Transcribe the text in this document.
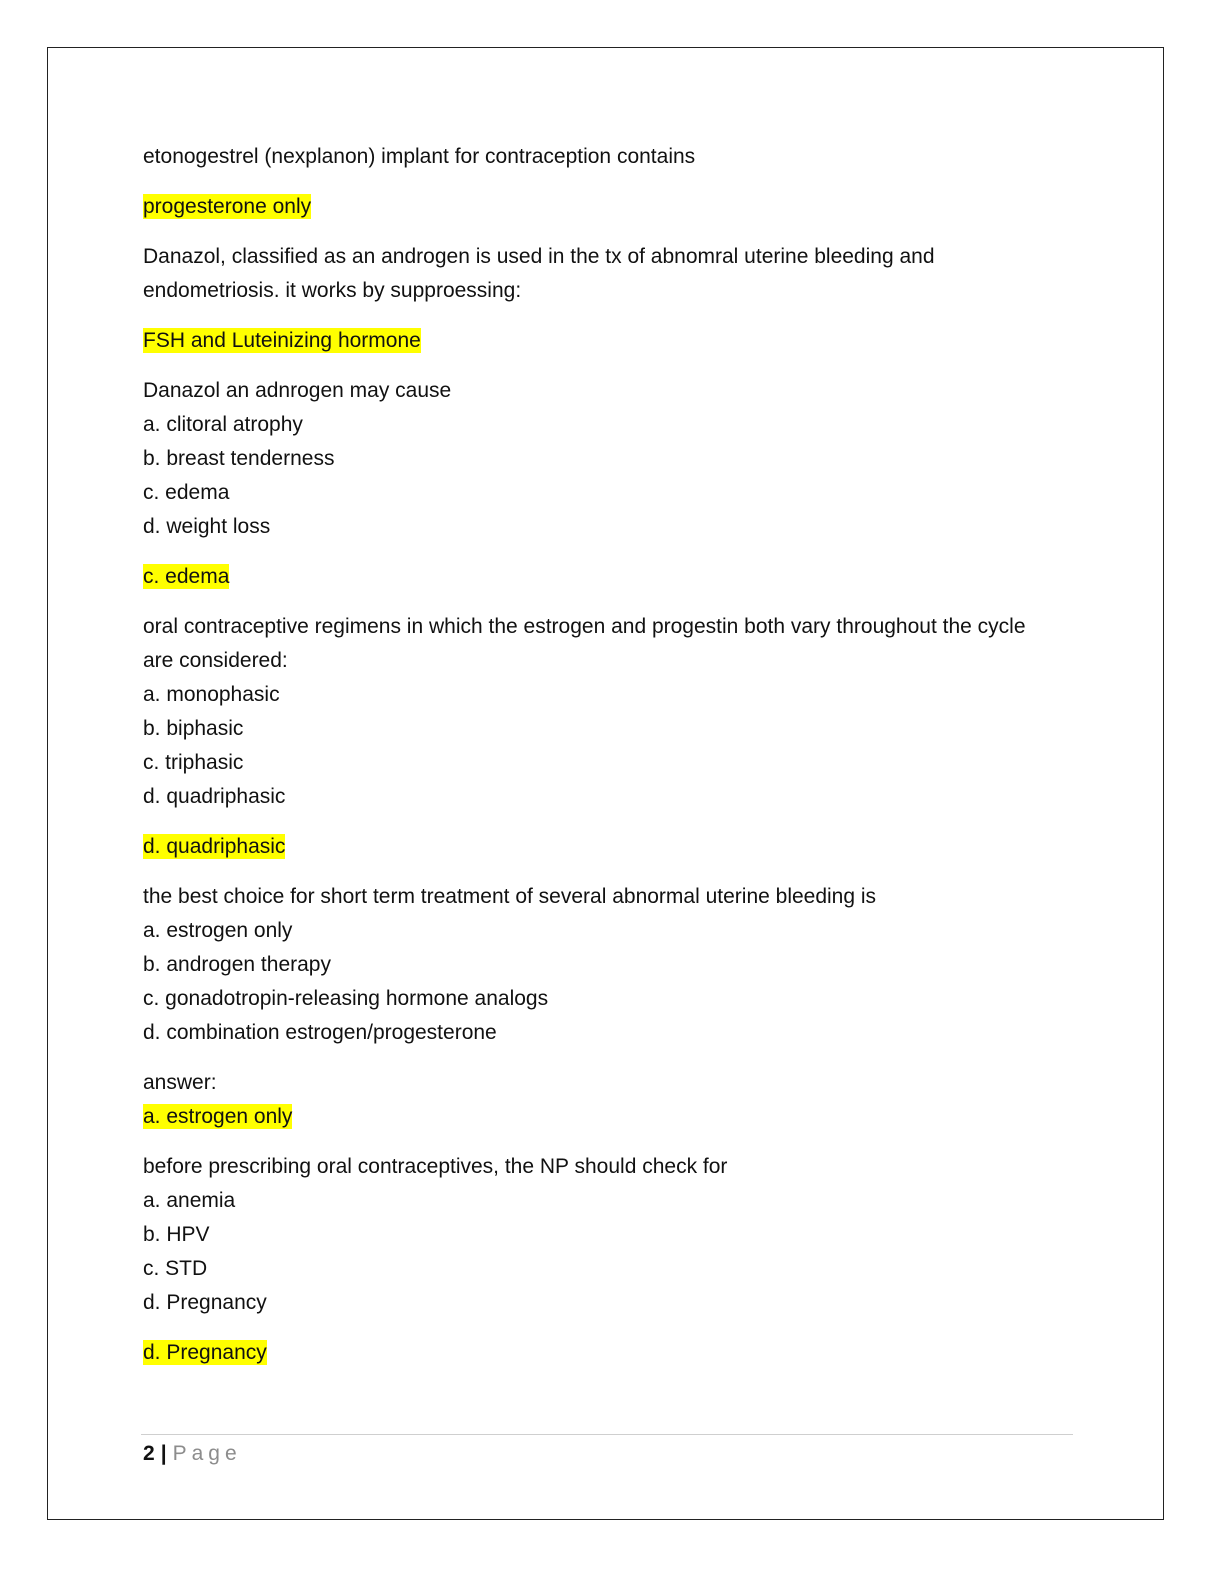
etonogestrel (nexplanon) implant for contraception contains

progesterone only

Danazol, classified as an androgen is used in the tx of abnomral uterine bleeding and

endometriosis. it works by supproessing:

FSH and Luteinizing hormone

Danazol an adnrogen may cause

a. clitoral atrophy

b. breast tenderness

c. edema

d. weight loss

c. edema

oral contraceptive regimens in which the estrogen and progestin both vary throughout the cycle

are considered:

a. monophasic

b. biphasic

c. triphasic

d. quadriphasic

d. quadriphasic

the best choice for short term treatment of several abnormal uterine bleeding is

a. estrogen only

b. androgen therapy

c. gonadotropin-releasing hormone analogs

d. combination estrogen/progesterone

answer:

a. estrogen only

before prescribing oral contraceptives, the NP should check for

a. anemia

b. HPV

c. STD

d. Pregnancy

d. Pregnancy

2 | Page
